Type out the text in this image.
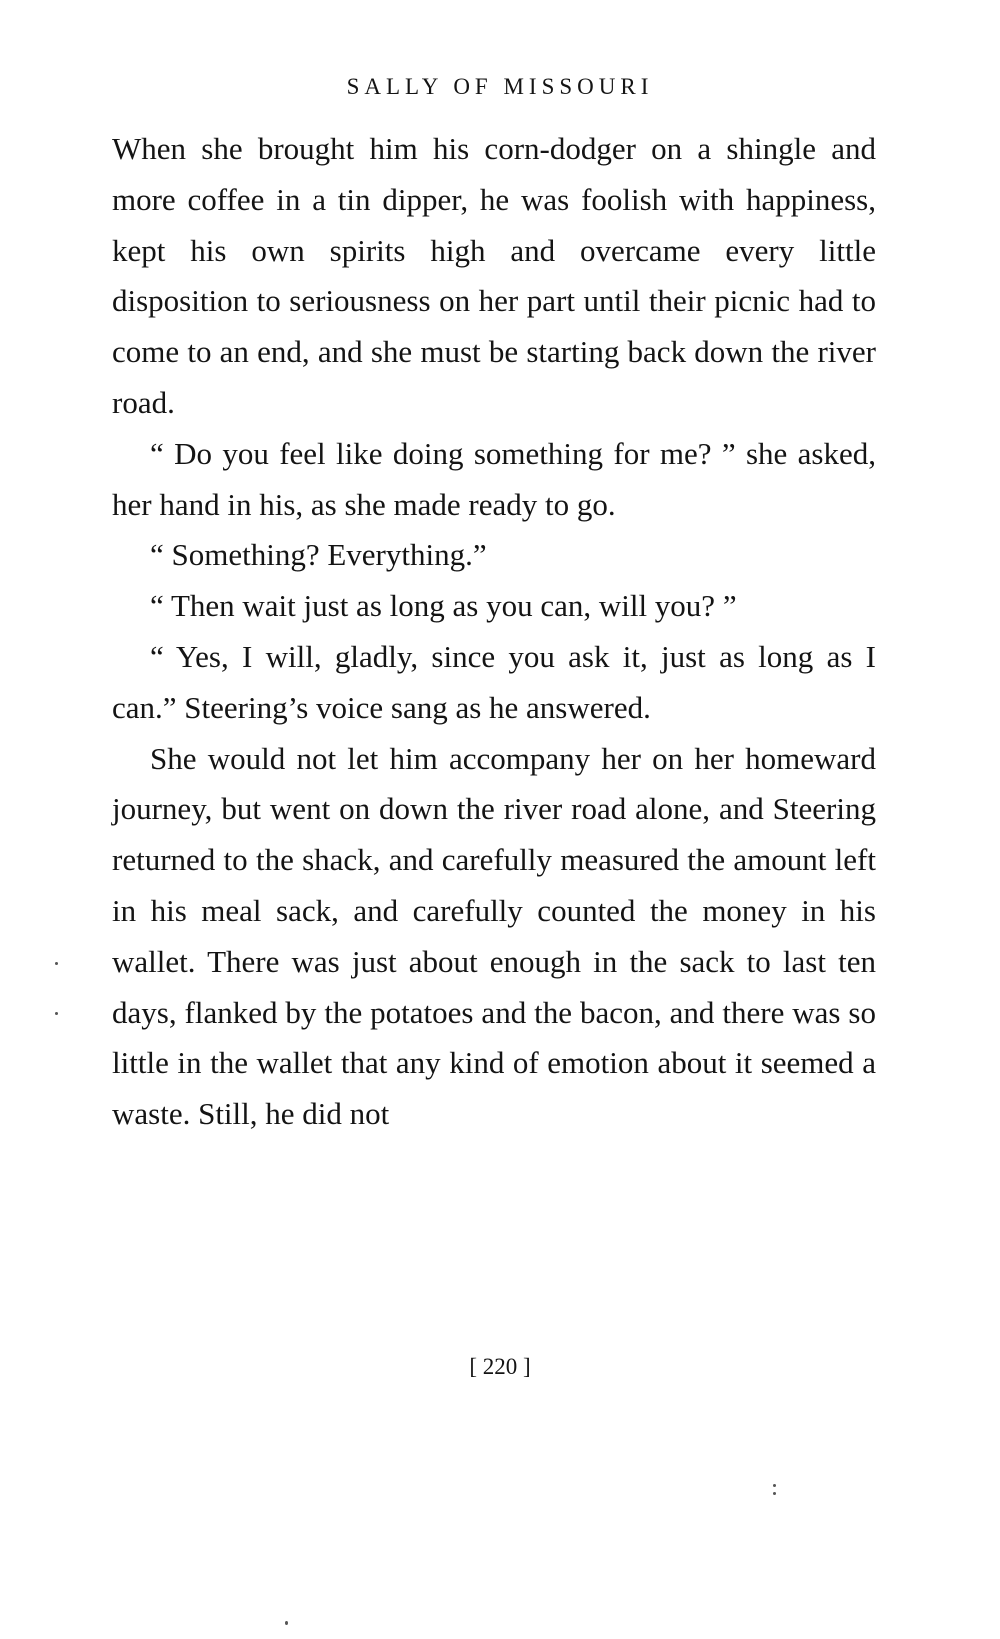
SALLY OF MISSOURI

When she brought him his corn-dodger on a shingle and more coffee in a tin dipper, he was foolish with happiness, kept his own spirits high and overcame every little disposition to seriousness on her part until their picnic had to come to an end, and she must be starting back down the river road.

“ Do you feel like doing something for me? ” she asked, her hand in his, as she made ready to go.

“ Something? Everything.”

“ Then wait just as long as you can, will you? ”

“ Yes, I will, gladly, since you ask it, just as long as I can.” Steering’s voice sang as he answered.

She would not let him accompany her on her homeward journey, but went on down the river road alone, and Steering returned to the shack, and carefully measured the amount left in his meal sack, and carefully counted the money in his wallet. There was just about enough in the sack to last ten days, flanked by the potatoes and the bacon, and there was so little in the wallet that any kind of emotion about it seemed a waste. Still, he did not

[ 220 ]
